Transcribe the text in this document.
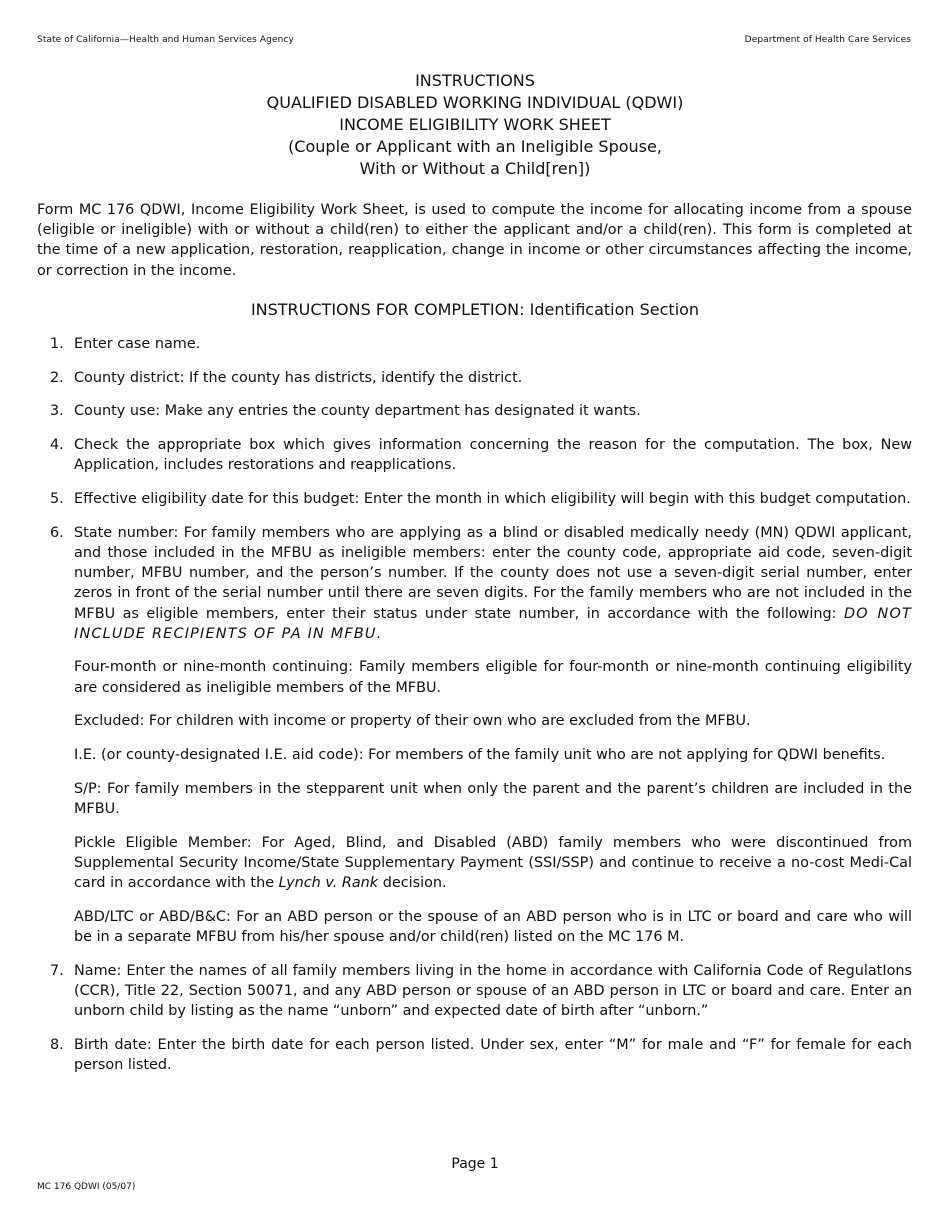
State of California—Health and Human Services Agency	Department of Health Care Services
INSTRUCTIONS
QUALIFIED DISABLED WORKING INDIVIDUAL (QDWI)
INCOME ELIGIBILITY WORK SHEET
(Couple or Applicant with an Ineligible Spouse,
With or Without a Child[ren])

Form MC 176 QDWI, Income Eligibility Work Sheet, is used to compute the income for allocating income from a spouse (eligible or ineligible) with or without a child(ren) to either the applicant and/or a child(ren). This form is completed at the time of a new application, restoration, reapplication, change in income or other circumstances affecting the income, or correction in the income.

INSTRUCTIONS FOR COMPLETION: Identification Section
1. Enter case name.
2. County district: If the county has districts, identify the district.
3. County use: Make any entries the county department has designated it wants.
4. Check the appropriate box which gives information concerning the reason for the computation. The box, New Application, includes restorations and reapplications.
5. Effective eligibility date for this budget: Enter the month in which eligibility will begin with this budget computation.
6. State number: For family members who are applying as a blind or disabled medically needy (MN) QDWI applicant, and those included in the MFBU as ineligible members: enter the county code, appropriate aid code, seven-digit number, MFBU number, and the person’s number. If the county does not use a seven-digit serial number, enter zeros in front of the serial number until there are seven digits. For the family members who are not included in the MFBU as eligible members, enter their status under state number, in accordance with the following: DO NOT INCLUDE RECIPIENTS OF PA IN MFBU.
Four-month or nine-month continuing: Family members eligible for four-month or nine-month continuing eligibility are considered as ineligible members of the MFBU.
Excluded: For children with income or property of their own who are excluded from the MFBU.
I.E. (or county-designated I.E. aid code): For members of the family unit who are not applying for QDWI benefits.
S/P: For family members in the stepparent unit when only the parent and the parent’s children are included in the MFBU.
Pickle Eligible Member: For Aged, Blind, and Disabled (ABD) family members who were discontinued from Supplemental Security Income/State Supplementary Payment (SSI/SSP) and continue to receive a no-cost Medi-Cal card in accordance with the Lynch v. Rank decision.
ABD/LTC or ABD/B&C: For an ABD person or the spouse of an ABD person who is in LTC or board and care who will be in a separate MFBU from his/her spouse and/or child(ren) listed on the MC 176 M.
7. Name: Enter the names of all family members living in the home in accordance with California Code of RegulatIons (CCR), Title 22, Section 50071, and any ABD person or spouse of an ABD person in LTC or board and care. Enter an unborn child by listing as the name “unborn” and expected date of birth after “unborn.”
8. Birth date: Enter the birth date for each person listed. Under sex, enter “M” for male and “F” for female for each person listed.
Page 1
MC 176 QDWI (05/07)
